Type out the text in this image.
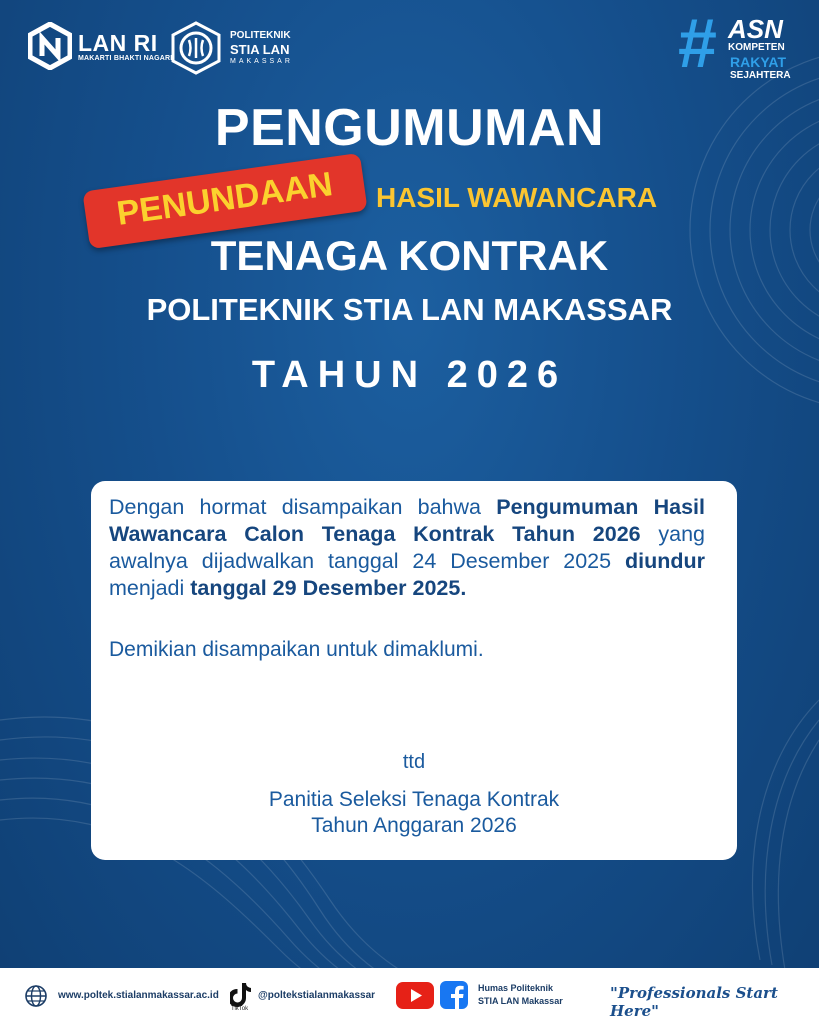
LAN RI
MAKARTI BHAKTI NAGARI
POLITEKNIK
STIA LAN
MAKASSAR	# ASN
KOMPETEN
RAKYAT
SEJAHTERA
PENGUMUMAN
PENUNDAAN	HASIL WAWANCARA
TENAGA KONTRAK
POLITEKNIK STIA LAN MAKASSAR
TAHUN 2026
Dengan hormat disampaikan bahwa Pengumuman Hasil Wawancara Calon Tenaga Kontrak Tahun 2026 yang awalnya dijadwalkan tanggal 24 Desember 2025 diundur menjadi tanggal 29 Desember 2025.
Demikian disampaikan untuk dimaklumi.
ttd
Panitia Seleksi Tenaga Kontrak
Tahun Anggaran 2026
www.poltek.stialanmakassar.ac.id
TikTok
@poltekstialanmakassar
Humas Politeknik
STIA LAN Makassar	"Professionals Start Here"
